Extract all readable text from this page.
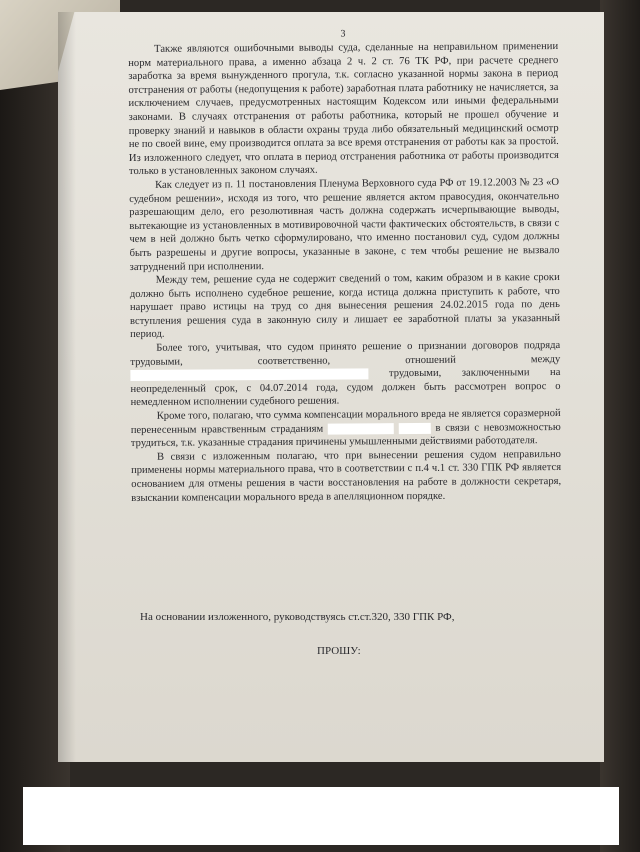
3

Также являются ошибочными выводы суда, сделанные на неправильном применении норм материального права, а именно абзаца 2 ч. 2 ст. 76 ТК РФ, при расчете среднего заработка за время вынужденного прогула, т.к. согласно указанной нормы закона в период отстранения от работы (недопущения к работе) заработная плата работнику не начисляется, за исключением случаев, предусмотренных настоящим Кодексом или иными федеральными законами. В случаях отстранения от работы работника, который не прошел обучение и проверку знаний и навыков в области охраны труда либо обязательный медицинский осмотр не по своей вине, ему производится оплата за все время отстранения от работы как за простой. Из изложенного следует, что оплата в период отстранения работника от работы производится только в установленных законом случаях.

Как следует из п. 11 постановления Пленума Верховного суда РФ от 19.12.2003 № 23 «О судебном решении», исходя из того, что решение является актом правосудия, окончательно разрешающим дело, его резолютивная часть должна содержать исчерпывающие выводы, вытекающие из установленных в мотивировочной части фактических обстоятельств, в связи с чем в ней должно быть четко сформулировано, что именно постановил суд, судом должны быть разрешены и другие вопросы, указанные в законе, с тем чтобы решение не вызвало затруднений при исполнении.

Между тем, решение суда не содержит сведений о том, каким образом и в какие сроки должно быть исполнено судебное решение, когда истица должна приступить к работе, что нарушает право истицы на труд со дня вынесения решения 24.02.2015 года по день вступления решения суда в законную силу и лишает ее заработной платы за указанный период.

Более того, учитывая, что судом принято решение о признании договоров подряда трудовыми, соответственно, отношений между  трудовыми, заключенными на неопределенный срок, с 04.07.2014 года, судом должен быть рассмотрен вопрос о немедленном исполнении судебного решения.

Кроме того, полагаю, что сумма компенсации морального вреда не является соразмерной перенесенным нравственным страданиям	в связи с невозможностью трудиться, т.к. указанные страдания причинены умышленными действиями работодателя.

В связи с изложенным полагаю, что при вынесении решения судом неправильно применены нормы материального права, что в соответствии с п.4 ч.1 ст. 330 ГПК РФ является основанием для отмены решения в части восстановления на работе в должности секретаря, взыскании компенсации морального вреда в апелляционном порядке.

На основании изложенного, руководствуясь ст.ст.320, 330 ГПК РФ,
ПРОШУ:
